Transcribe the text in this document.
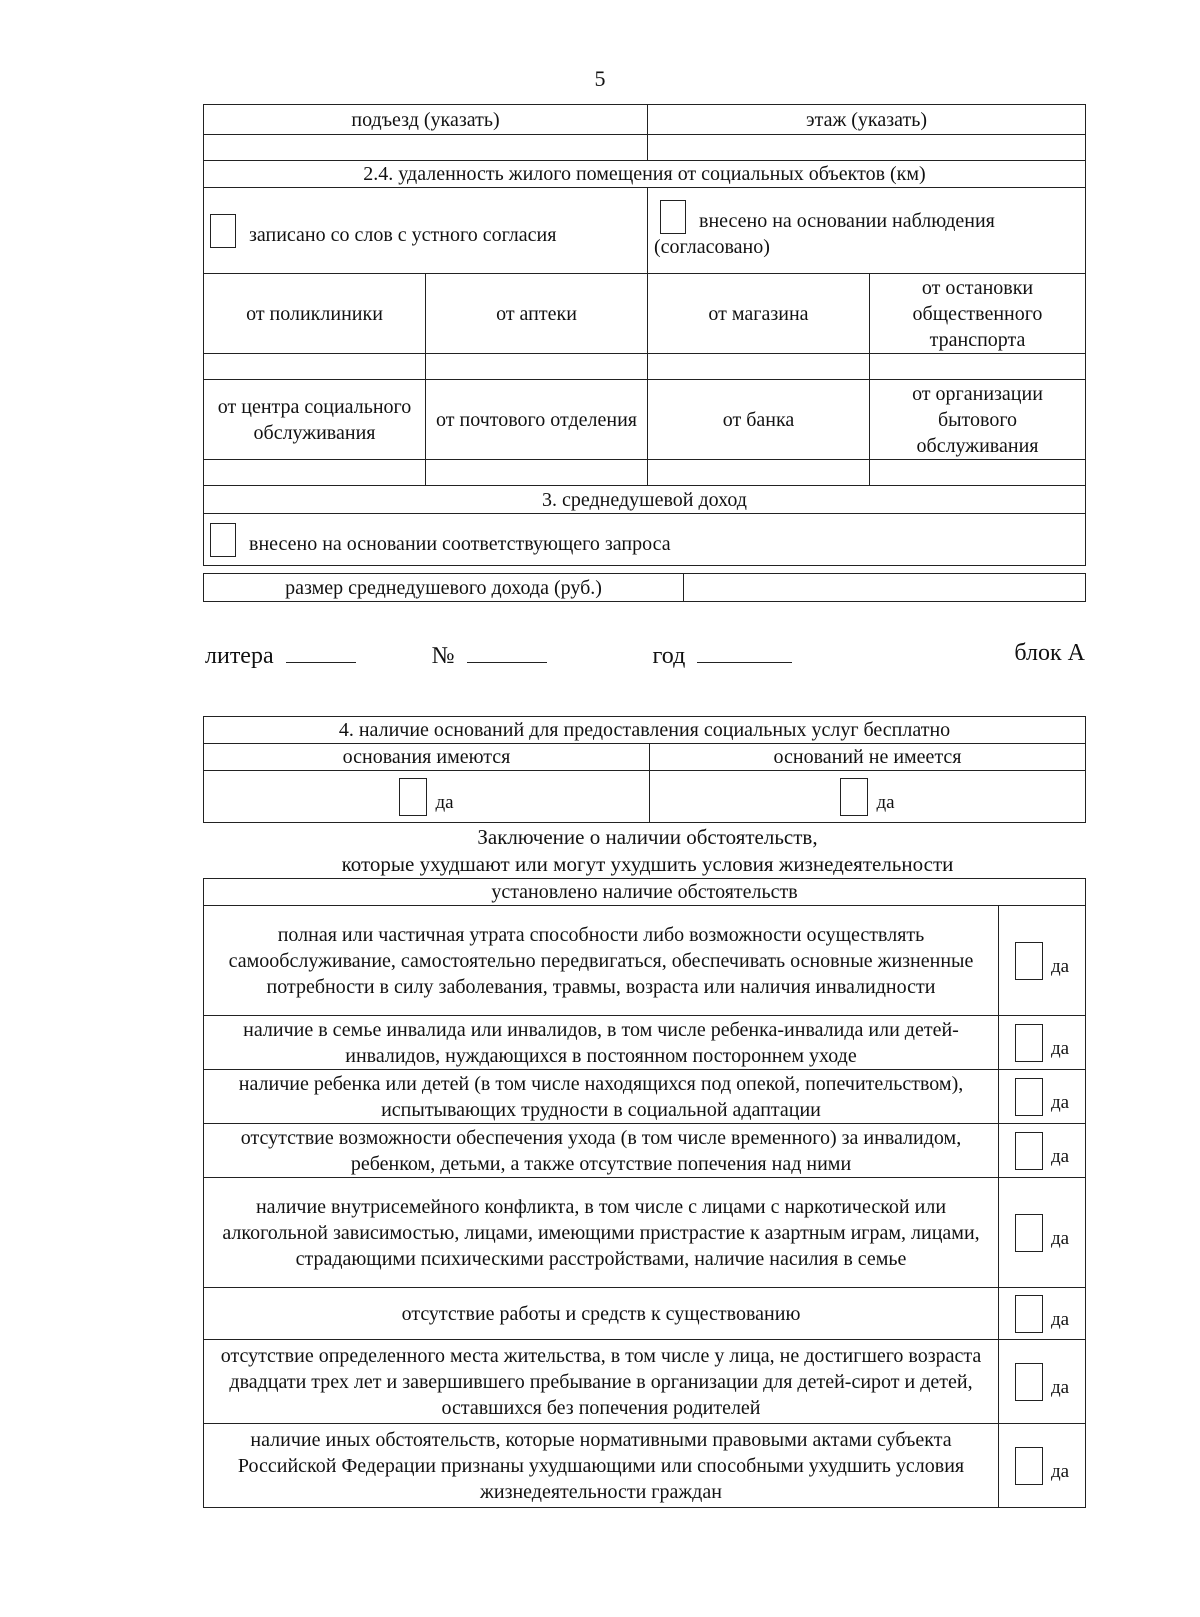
5
подъезд (указать)		этаж (указать)	

2.4. удаленность жилого помещения от социальных объектов (км)			
записано со слов с устного согласия		внесено на основании наблюдения
(согласовано)	
от поликлиники	от аптеки	от магазина	от остановки общественного транспорта

от центра социального обслуживания	от почтового отделения	от банка	от организации бытового обслуживания

3. среднедушевой доход			
внесено на основании соответствующего запроса			
размер среднедушевого дохода (руб.)	
литера	№	год	блок А
4. наличие оснований для предоставления социальных услуг бесплатно	
основания имеются	оснований не имеется
да	да
Заключение о наличии обстоятельств,
которые ухудшают или могут ухудшить условия жизнедеятельности
установлено наличие обстоятельств	
полная или частичная утрата способности либо возможности осуществлять самообслуживание, самостоятельно передвигаться, обеспечивать основные жизненные потребности в силу заболевания, травмы, возраста или наличия инвалидности	да
наличие в семье инвалида или инвалидов, в том числе ребенка-инвалида или детей-инвалидов, нуждающихся в постоянном постороннем уходе	да
наличие ребенка или детей (в том числе находящихся под опекой, попечительством), испытывающих трудности в социальной адаптации	да
отсутствие возможности обеспечения ухода (в том числе временного) за инвалидом, ребенком, детьми, а также отсутствие попечения над ними	да
наличие внутрисемейного конфликта, в том числе с лицами с наркотической или алкогольной зависимостью, лицами, имеющими пристрастие к азартным играм, лицами, страдающими психическими расстройствами, наличие насилия в семье	да
отсутствие работы и средств к существованию	да
отсутствие определенного места жительства, в том числе у лица, не достигшего возраста двадцати трех лет и завершившего пребывание в организации для детей-сирот и детей, оставшихся без попечения родителей	да
наличие иных обстоятельств, которые нормативными правовыми актами субъекта Российской Федерации признаны ухудшающими или способными ухудшить условия жизнедеятельности граждан	да
